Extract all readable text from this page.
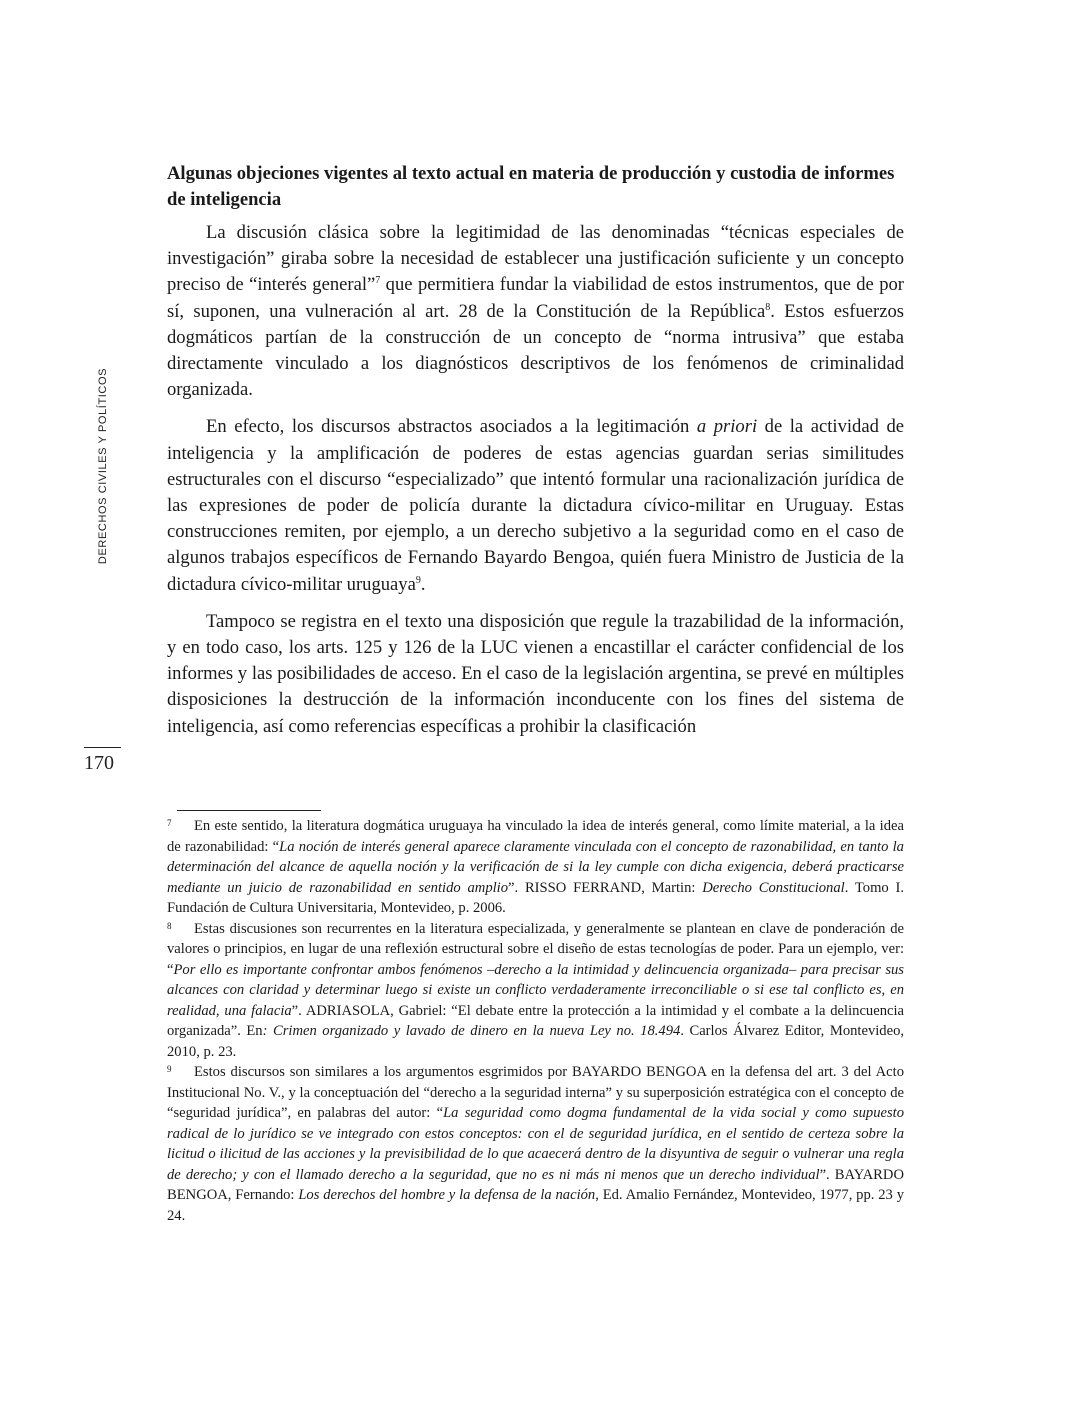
DERECHOS CIVILES Y POLÍTICOS
170

Algunas objeciones vigentes al texto actual en materia de producción y custodia de informes de inteligencia

La discusión clásica sobre la legitimidad de las denominadas “técnicas especiales de investigación” giraba sobre la necesidad de establecer una justificación suficiente y un concepto preciso de “interés general”$^7$ que permitiera fundar la viabilidad de estos instrumentos, que de por sí, suponen, una vulneración al art. 28 de la Constitución de la República$^8$. Estos esfuerzos dogmáticos partían de la construcción de un concepto de “norma intrusiva” que estaba directamente vinculado a los diagnósticos descriptivos de los fenómenos de criminalidad organizada.

En efecto, los discursos abstractos asociados a la legitimación a priori de la actividad de inteligencia y la amplificación de poderes de estas agencias guardan serias similitudes estructurales con el discurso “especializado” que intentó formular una racionalización jurídica de las expresiones de poder de policía durante la dictadura cívico-militar en Uruguay. Estas construcciones remiten, por ejemplo, a un derecho subjetivo a la seguridad como en el caso de algunos trabajos específicos de Fernando Bayardo Bengoa, quién fuera Ministro de Justicia de la dictadura cívico-militar uruguaya$^9$.

Tampoco se registra en el texto una disposición que regule la trazabilidad de la información, y en todo caso, los arts. 125 y 126 de la LUC vienen a encastillar el carácter confidencial de los informes y las posibilidades de acceso. En el caso de la legislación argentina, se prevé en múltiples disposiciones la destrucción de la información inconducente con los fines del sistema de inteligencia, así como referencias específicas a prohibir la clasificación

7 En este sentido, la literatura dogmática uruguaya ha vinculado la idea de interés general, como límite material, a la idea de razonabilidad: “La noción de interés general aparece claramente vinculada con el concepto de razonabilidad, en tanto la determinación del alcance de aquella noción y la verificación de si la ley cumple con dicha exigencia, deberá practicarse mediante un juicio de razonabilidad en sentido amplio”. RISSO FERRAND, Martin: Derecho Constitucional. Tomo I. Fundación de Cultura Universitaria, Montevideo, p. 2006.

8 Estas discusiones son recurrentes en la literatura especializada, y generalmente se plantean en clave de ponderación de valores o principios, en lugar de una reflexión estructural sobre el diseño de estas tecnologías de poder. Para un ejemplo, ver: “Por ello es importante confrontar ambos fenómenos –derecho a la intimidad y delincuencia organizada– para precisar sus alcances con claridad y determinar luego si existe un conflicto verdaderamente irreconciliable o si ese tal conflicto es, en realidad, una falacia”. ADRIASOLA, Gabriel: “El debate entre la protección a la intimidad y el combate a la delincuencia organizada”. En: Crimen organizado y lavado de dinero en la nueva Ley no. 18.494. Carlos Álvarez Editor, Montevideo, 2010, p. 23.

9 Estos discursos son similares a los argumentos esgrimidos por BAYARDO BENGOA en la defensa del art. 3 del Acto Institucional No. V., y la conceptuación del “derecho a la seguridad interna” y su superposición estratégica con el concepto de “seguridad jurídica”, en palabras del autor: “La seguridad como dogma fundamental de la vida social y como supuesto radical de lo jurídico se ve integrado con estos conceptos: con el de seguridad jurídica, en el sentido de certeza sobre la licitud o ilicitud de las acciones y la previsibilidad de lo que acaecerá dentro de la disyuntiva de seguir o vulnerar una regla de derecho; y con el llamado derecho a la seguridad, que no es ni más ni menos que un derecho individual”. BAYARDO BENGOA, Fernando: Los derechos del hombre y la defensa de la nación, Ed. Amalio Fernández, Montevideo, 1977, pp. 23 y 24.
